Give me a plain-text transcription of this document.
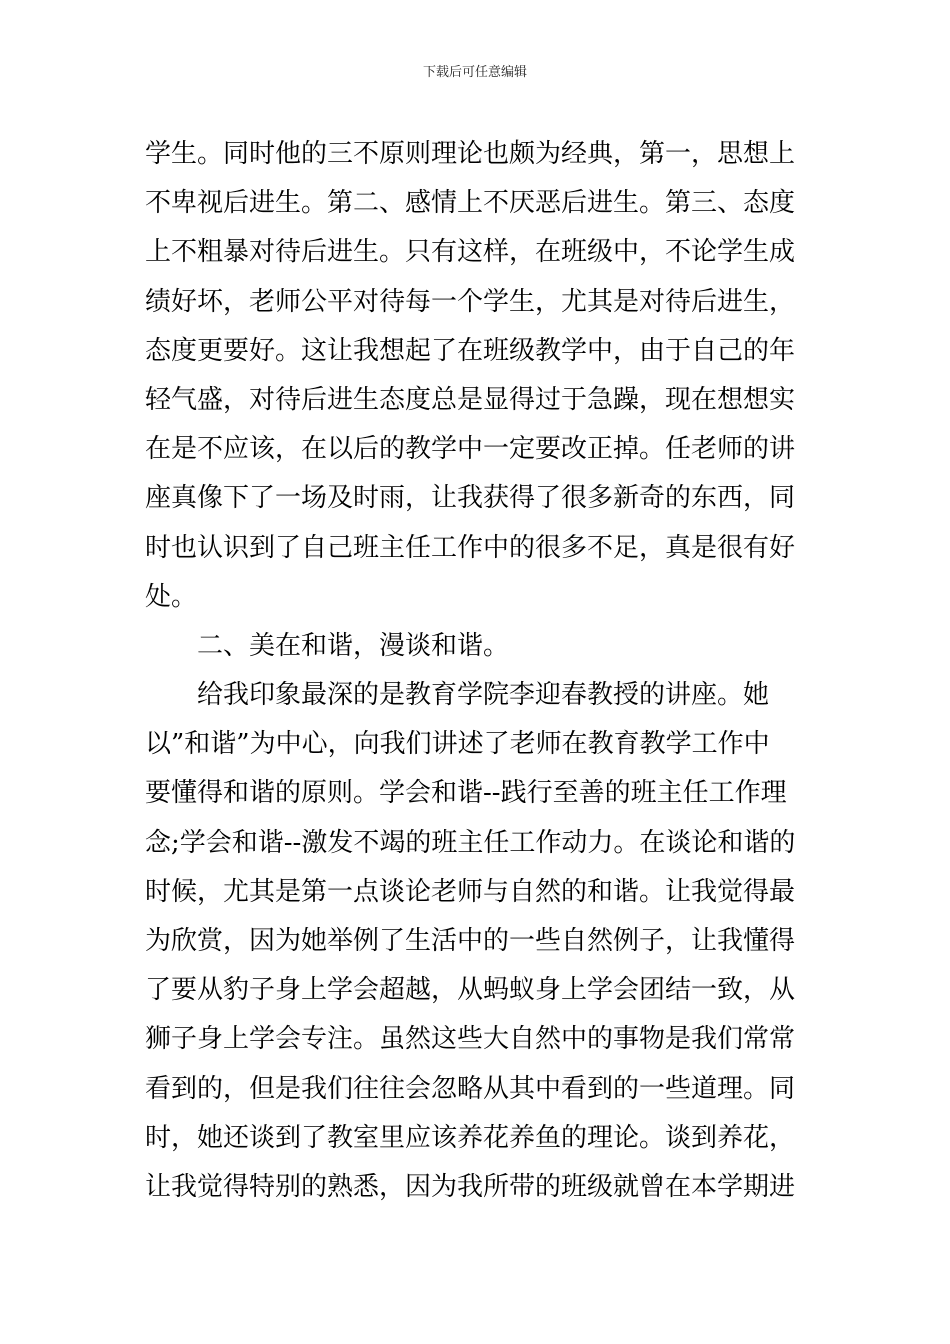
下载后可任意编辑
学生。同时他的三不原则理论也颇为经典，第一，思想上
不卑视后进生。第二、感情上不厌恶后进生。第三、态度
上不粗暴对待后进生。只有这样，在班级中，不论学生成
绩好坏，老师公平对待每一个学生，尤其是对待后进生，
态度更要好。这让我想起了在班级教学中，由于自己的年
轻气盛，对待后进生态度总是显得过于急躁，现在想想实
在是不应该，在以后的教学中一定要改正掉。任老师的讲
座真像下了一场及时雨，让我获得了很多新奇的东西，同
时也认识到了自己班主任工作中的很多不足，真是很有好
处。
　　二、美在和谐，漫谈和谐。
　　给我印象最深的是教育学院李迎春教授的讲座。她
以”和谐”为中心，向我们讲述了老师在教育教学工作中
要懂得和谐的原则。学会和谐--践行至善的班主任工作理
念;学会和谐--激发不竭的班主任工作动力。在谈论和谐的
时候，尤其是第一点谈论老师与自然的和谐。让我觉得最
为欣赏，因为她举例了生活中的一些自然例子，让我懂得
了要从豹子身上学会超越，从蚂蚁身上学会团结一致，从
狮子身上学会专注。虽然这些大自然中的事物是我们常常
看到的，但是我们往往会忽略从其中看到的一些道理。同
时，她还谈到了教室里应该养花养鱼的理论。谈到养花，
让我觉得特别的熟悉，因为我所带的班级就曾在本学期进
